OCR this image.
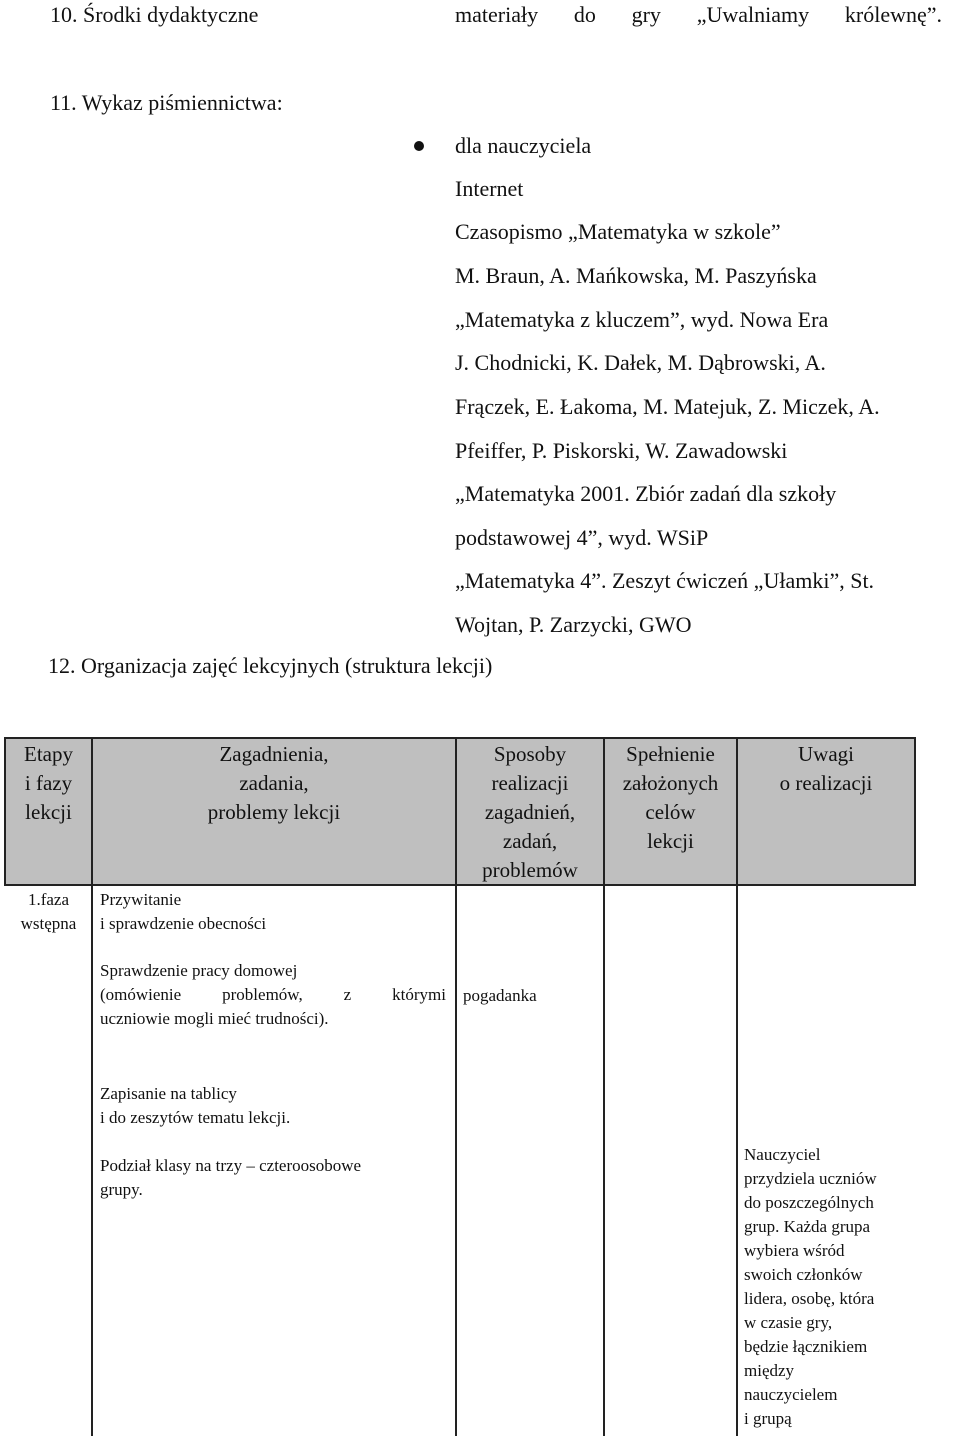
10. Środki dydaktyczne	materiały do gry „Uwalniamy królewnę”.
11. Wykaz piśmiennictwa:
dla nauczyciela
Internet
Czasopismo „Matematyka w szkole”
M. Braun, A. Mańkowska, M. Paszyńska
„Matematyka z kluczem”, wyd. Nowa Era
J. Chodnicki, K. Dałek, M. Dąbrowski, A.
Frączek, E. Łakoma, M. Matejuk, Z. Miczek, A.
Pfeiffer, P. Piskorski, W. Zawadowski
„Matematyka 2001. Zbiór zadań dla szkoły
podstawowej 4”, wyd. WSiP
„Matematyka 4”. Zeszyt ćwiczeń „Ułamki”, St.
Wojtan, P. Zarzycki, GWO
12. Organizacja zajęć lekcyjnych (struktura lekcji)
Etapy
i fazy
lekcji
Zagadnienia,
zadania,
problemy lekcji
Sposoby
realizacji
zagadnień,
zadań,
problemów
Spełnienie
założonych
celów
lekcji
Uwagi
o realizacji
1.faza
wstępna
Przywitanie
i sprawdzenie obecności
Sprawdzenie pracy domowej
(omówienie problemów, z którymi
uczniowie mogli mieć trudności).
pogadanka
Zapisanie na tablicy
i do zeszytów tematu lekcji.
Podział klasy na trzy – czteroosobowe
grupy.
Nauczyciel
przydziela uczniów
do poszczególnych
grup. Każda grupa
wybiera wśród
swoich członków
lidera, osobę, która
w czasie gry,
będzie łącznikiem
między
nauczycielem
i grupą
